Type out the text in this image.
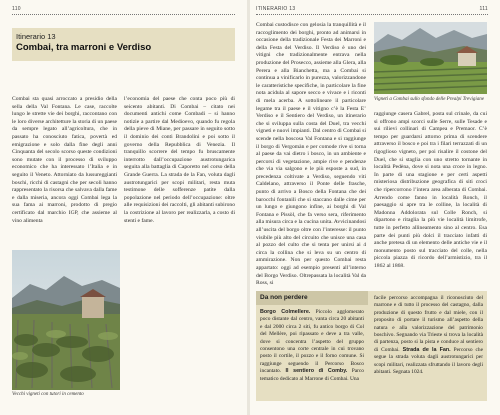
110
Itinerario 13
Combai, tra marroni e Verdiso

Combai sta quasi arroccato a presidio della sella della Val Fontana. Le case, raccolte lungo le strette vie dei borghi, raccontano con le loro diverse architetture la storia di un paese da sempre legato all’agricoltura, che in passato ha conosciuto fatica, povertà ed emigrazione e solo dalla fine degli anni Cinquanta del secolo scorso queste condizioni sono mutate con il processo di sviluppo economico che ha interessato l’Italia e in seguito il Veneto. Attorniato da lussureggianti boschi, ricchi di castagni che per secoli hanno rappresentato la risorsa che salvava dalla fame e dalla miseria, ancora oggi Combai lega la sua fama ai marroni, prodotto di pregio certificato dal marchio IGP, che assieme al vino alimenta

l’economia del paese che conta poco più di seicento abitanti. Di Combai – citato nei documenti antichi come Combadi – si hanno notizie a partire dal Medioevo, quando fu regola della pieve di Miane, per passare in seguito sotto il dominio dei conti Brandolini e poi sotto il governo della Repubblica di Venezia. Il tranquillo scorrere del tempo fu bruscamente interrotto dall’occupazione austrotungarica seguita alla battaglia di Caporetto nel corso della Grande Guerra. La strada de la Fan, voluta dagli austrotungarici per scopi militari, resta muta testimone delle sofferenze patite dalla popolazione nel periodo dell’occupazione: oltre alle requisizioni dei raccolti, gli abitanti subirono la costrizione al lavoro per realizzarla, a costo di stenti e fame.

Vecchi vigneti con tutori in cemento
ITINERARIO 13	111

Combai custodisce con gelosia la tranquillità e il raccoglimento dei borghi, pronto ad animarsi in occasione della tradizionale Festa dei Marroni e della Festa del Verdiso. Il Verdiso è uno dei vitigni che tradizionalmente entrava nella produzione del Prosecco, assieme alla Glera, alla Perera e alla Bianchetta, ma a Combai si continua a vinificarlo in purezza, valorizzandone le caratteristiche specifiche, in particolare la fine nota acidula al sapore secco e vivace e i riconti di mela acerba. A sottolineare il particolare legame tra il paese e il vitigno c’è la Festa E’ Verdiso e il Sentiero del Verdiso, un itinerario che si sviluppa sulla costa del Duel, tra vecchi vigneti e nuovi impianti. Dal centro di Combai si scende nella boscosa Val Fontana e si raggiunge il borgo di Vergomàn e per comode rive si torna al paese da vai dietro i bosco, in un ambiente e percorsi di vegetazione, ampie rive e pendenze che via via salgono e le più esposte a sud, in precedenza coltivate a Verdiso, seguendo viti Caldelano, attraverso il Ponte delle frasche, punto di arrivo a Bosco della Fontana che dei barocchi fontanili che si staccano dalle cime per un lungo e giungono infine, ai borghi di Val Fontana e Pissòl, che fa verso sera, riferimento alla misura circa e la cucina unita. Avvicinandosi all’uscita del borgo oltre con l’interesse: il punto visibile più alto del circuito che unisce una casa al pozzo del culto che si tenta per unirsi ai 4 circa la collina che si leva su un centro di ammirazione. Non per questo Combai resta appartato: oggi ad esempio presenti all’interno del Borgo Verdiso. Oltrepassata la località Val da Ross, si

Vigneti a Combai sullo sfondo delle Prealpi Trevigiane

raggiunge casera Gabrel, posta sul crinale, da cui si offrono ampi scorci sulle Serre, sulle Tesade e sui rilievi collinari di Campea e Premaor. C’è tempo per guardarsi attorno prima di scendere attraverso il bosco e poi tra i filari terrazzati di un rigoglioso vigneto, per poi risalire il costone del Duel, che si staglia con uno stretto tornante in località Pedèna, dove si nota una croce in legno. In parte di una stagione e per certi aspetti misteriosa distribuzione geografica di siti croci che ripercorrono l’intera area alberata di Combai. Arrendo come fanno in località Ronch, il paesaggio si apre tra le colline, la località di Madonna Addolorata sul Colle Ronch, si dipartono e ritaglia la più vie località limitrofe, tutte in perfetto allineamento sino al centro. Esa parte dei punti più dolci il tracciato infatti di anche pretesa di un elemento delle antiche vie e il monumento posto sul tracciato del colle, nella piccola piazza di ricordo dell’armistizio, tra il 1862 al 1868.

Da non perdere
Borgo Colmellere. Piccolo agglomerato poco distante dal centro, vanta circa 20 abitanti e dal 2000 circa 2 siti, fu antico borgo di Col del Mellère, poi ripassato e deve a tra valle, dove si concentra l’aspetto del gruppo consentono una corte centrale in cui trovano posto il cortile, il pozzo e il forno comune. Si raggiunge seguendo il Percorso Bosco incantato. Il sentiero di Comby. Parco tematico dedicato al Marrone di Combai. Una
facile percorso accompagna il riconosciuto del marrone e di tutto il processo del castagno, dalla produzione di questo frutto e dal miele, con il proposito di portare il turismo all’aspetto della natura e alla valorizzazione del patrimonio boschivo. Segnando via Trieste si trova la località di partenza, posto si la pista e conduce al sentiero di Combai. Strada de la Fan. Percorso che segue la strada voluta dagli austrotungarici per scopi militari, realizzata sfruttando il lavoro degli abitanti. Segnata 1024.
